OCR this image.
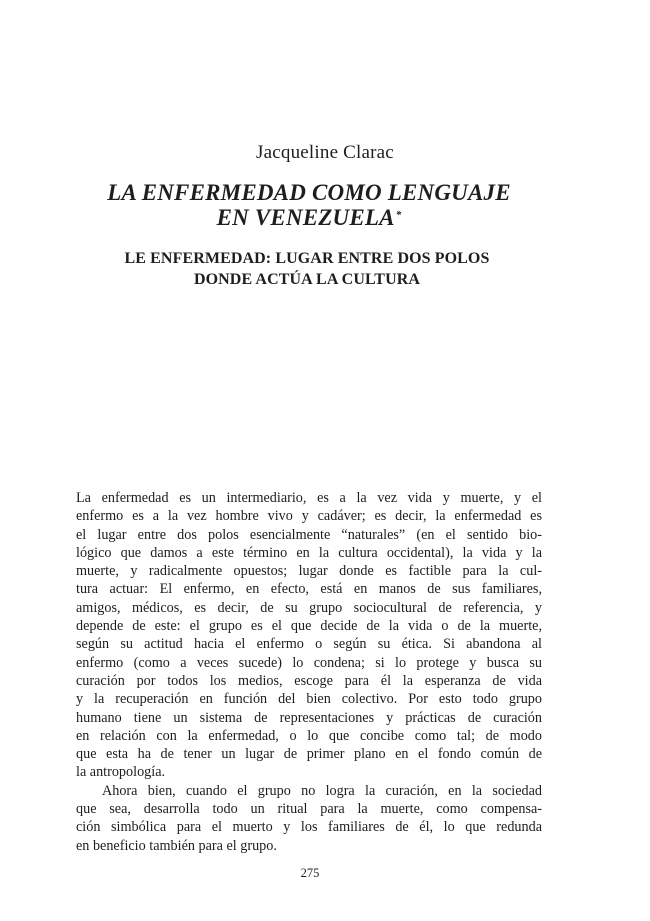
Jacqueline Clarac
LA ENFERMEDAD COMO LENGUAJE
EN VENEZUELA*
LE ENFERMEDAD: LUGAR ENTRE DOS POLOS
DONDE ACTÚA LA CULTURA
La enfermedad es un intermediario, es a la vez vida y muerte, y el
enfermo es a la vez hombre vivo y cadáver; es decir, la enfermedad es
el lugar entre dos polos esencialmente “naturales” (en el sentido bio-
lógico que damos a este término en la cultura occidental), la vida y la
muerte, y radicalmente opuestos; lugar donde es factible para la cul-
tura actuar: El enfermo, en efecto, está en manos de sus familiares,
amigos, médicos, es decir, de su grupo sociocultural de referencia, y
depende de este: el grupo es el que decide de la vida o de la muerte,
según su actitud hacia el enfermo o según su ética. Si abandona al
enfermo (como a veces sucede) lo condena; si lo protege y busca su
curación por todos los medios, escoge para él la esperanza de vida
y la recuperación en función del bien colectivo. Por esto todo grupo
humano tiene un sistema de representaciones y prácticas de curación
en relación con la enfermedad, o lo que concibe como tal; de modo
que esta ha de tener un lugar de primer plano en el fondo común de
la antropología.
Ahora bien, cuando el grupo no logra la curación, en la sociedad
que sea, desarrolla todo un ritual para la muerte, como compensa-
ción simbólica para el muerto y los familiares de él, lo que redunda
en beneficio también para el grupo.
275
